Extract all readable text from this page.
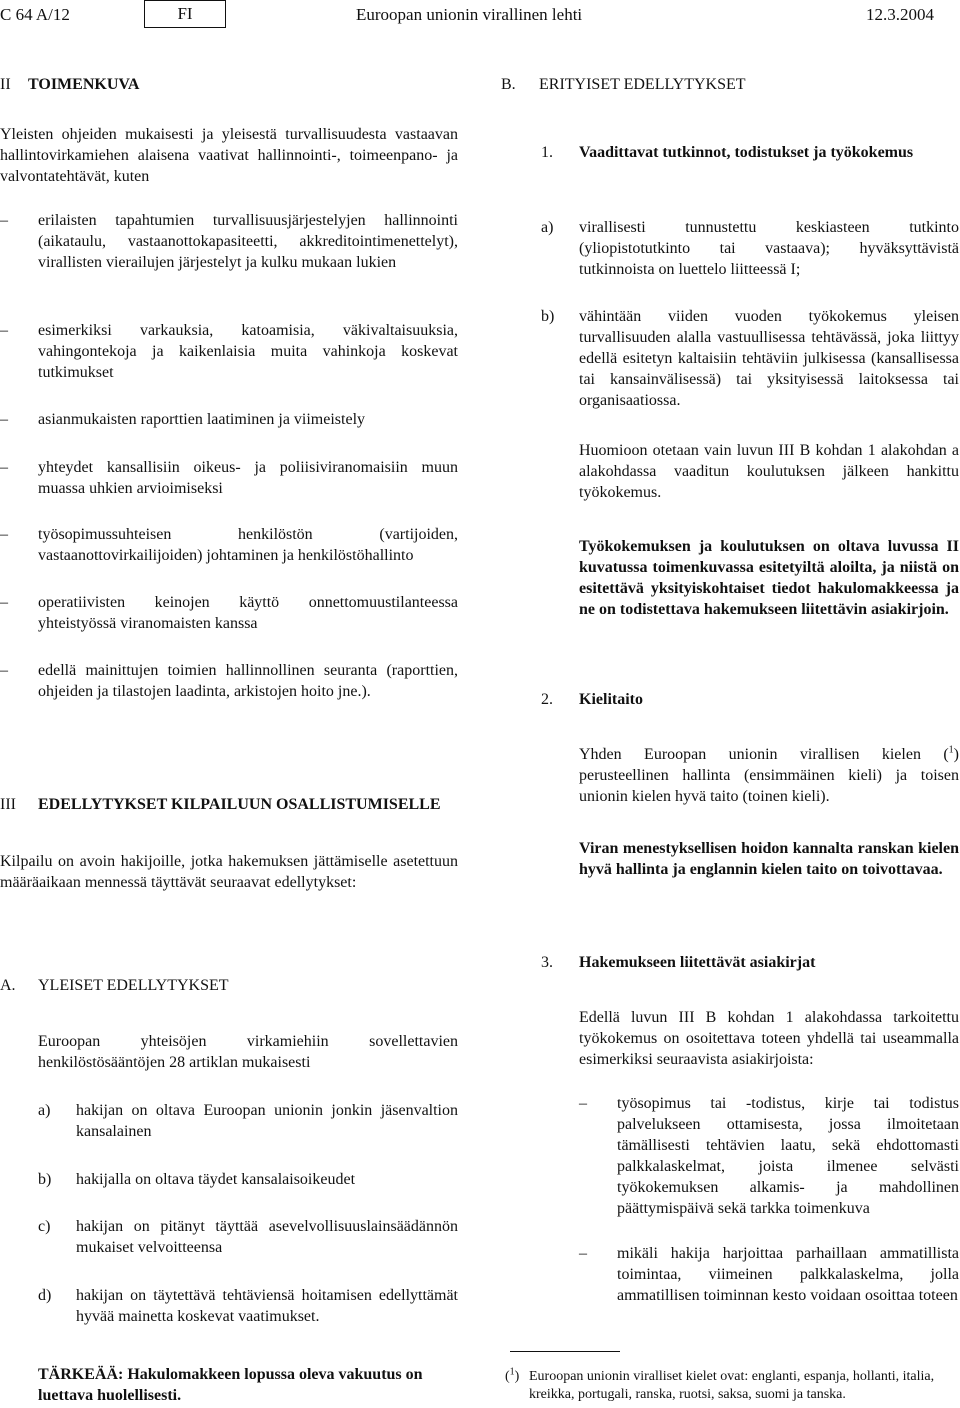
C 64 A/12	FI	Euroopan unionin virallinen lehti	12.3.2004
II TOIMENKUVA
Yleisten ohjeiden mukaisesti ja yleisestä turvallisuudesta vastaavan hallintovirkamiehen alaisena vaativat hallinnointi-, toimeenpano- ja valvontatehtävät, kuten
– erilaisten tapahtumien turvallisuusjärjestelyjen hallinnointi (aikataulu, vastaanottokapasiteetti, akkreditointimenettelyt), virallisten vierailujen järjestelyt ja kulku mukaan lukien
– esimerkiksi varkauksia, katoamisia, väkivaltaisuuksia, vahingontekoja ja kaikenlaisia muita vahinkoja koskevat tutkimukset
– asianmukaisten raporttien laatiminen ja viimeistely
– yhteydet kansallisiin oikeus- ja poliisiviranomaisiin muun muassa uhkien arvioimiseksi
– työsopimussuhteisen henkilöstön (vartijoiden, vastaanottovirkailijoiden) johtaminen ja henkilöstöhallinto
– operatiivisten keinojen käyttö onnettomuustilanteessa yhteistyössä viranomaisten kanssa
– edellä mainittujen toimien hallinnollinen seuranta (raporttien, ohjeiden ja tilastojen laadinta, arkistojen hoito jne.).
III EDELLYTYKSET KILPAILUUN OSALLISTUMISELLE
Kilpailu on avoin hakijoille, jotka hakemuksen jättämiselle asetettuun määräaikaan mennessä täyttävät seuraavat edellytykset:
A. YLEISET EDELLYTYKSET
Euroopan yhteisöjen virkamiehiin sovellettavien henkilöstösääntöjen 28 artiklan mukaisesti
a) hakijan on oltava Euroopan unionin jonkin jäsenvaltion kansalainen
b) hakijalla on oltava täydet kansalaisoikeudet
c) hakijan on pitänyt täyttää asevelvollisuuslainsäädännön mukaiset velvoitteensa
d) hakijan on täytettävä tehtäviensä hoitamisen edellyttämät hyvää mainetta koskevat vaatimukset.
TÄRKEÄÄ: Hakulomakkeen lopussa oleva vakuutus on luettava huolellisesti.
B. ERITYISET EDELLYTYKSET
1. Vaadittavat tutkinnot, todistukset ja työkokemus
a) virallisesti tunnustettu keskiasteen tutkinto (yliopistotutkinto tai vastaava); hyväksyttävistä tutkinnoista on luettelo liitteessä I;
b) vähintään viiden vuoden työkokemus yleisen turvallisuuden alalla vastuullisessa tehtävässä, joka liittyy edellä esitetyn kaltaisiin tehtäviin julkisessa (kansallisessa tai kansainvälisessä) tai yksityisessä laitoksessa tai organisaatiossa.
Huomioon otetaan vain luvun III B kohdan 1 alakohdan a alakohdassa vaaditun koulutuksen jälkeen hankittu työkokemus.
Työkokemuksen ja koulutuksen on oltava luvussa II kuvatussa toimenkuvassa esitetyiltä aloilta, ja niistä on esitettävä yksityiskohtaiset tiedot hakulomakkeessa ja ne on todistettava hakemukseen liitettävin asiakirjoin.
2. Kielitaito
Yhden Euroopan unionin virallisen kielen ($^1$) perusteellinen hallinta (ensimmäinen kieli) ja toisen unionin kielen hyvä taito (toinen kieli).
Viran menestyksellisen hoidon kannalta ranskan kielen hyvä hallinta ja englannin kielen taito on toivottavaa.
3. Hakemukseen liitettävät asiakirjat
Edellä luvun III B kohdan 1 alakohdassa tarkoitettu työkokemus on osoitettava toteen yhdellä tai useammalla esimerkiksi seuraavista asiakirjoista:
– työsopimus tai -todistus, kirje tai todistus palvelukseen ottamisesta, jossa ilmoitetaan tämällisesti tehtävien laatu, sekä ehdottomasti palkkalaskelmat, joista ilmenee selvästi työkokemuksen alkamis- ja mahdollinen päättymispäivä sekä tarkka toimenkuva
– mikäli hakija harjoittaa parhaillaan ammatillista toimintaa, viimeinen palkkalaskelma, jolla ammatillisen toiminnan kesto voidaan osoittaa toteen
($^1$) Euroopan unionin viralliset kielet ovat: englanti, espanja, hollanti, italia, kreikka, portugali, ranska, ruotsi, saksa, suomi ja tanska.
